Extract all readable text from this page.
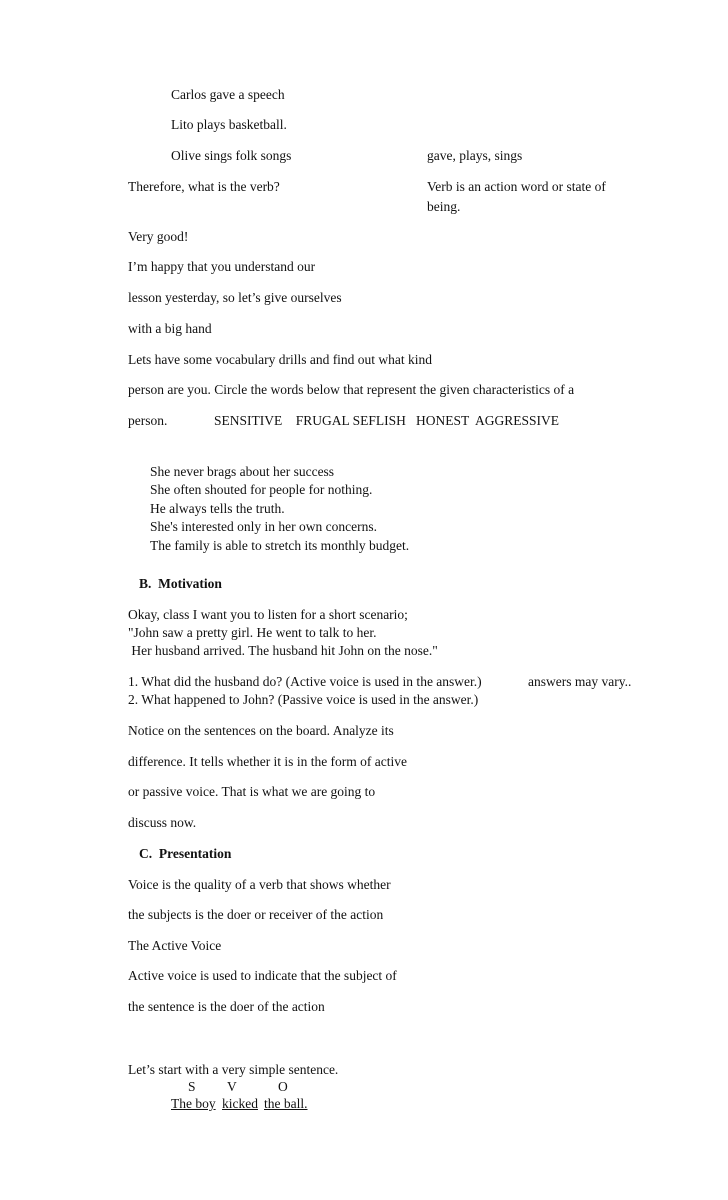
Carlos gave a speech
Lito plays basketball.
Olive sings folk songs	gave, plays, sings
Therefore, what is the verb?	Verb is an action word or state of
being.
Very good!
I’m happy that you understand our
lesson yesterday, so let’s give ourselves
with a big hand
Lets have some vocabulary drills and find out what kind
person are you. Circle the words below that represent the given characteristics of a
person.	SENSITIVE    FRUGAL SEFLISH   HONEST  AGGRESSIVE
She never brags about her success
She often shouted for people for nothing.
He always tells the truth.
She's interested only in her own concerns.
The family is able to stretch its monthly budget.
B.  Motivation
Okay, class I want you to listen for a short scenario;
"John saw a pretty girl. He went to talk to her.
Her husband arrived. The husband hit John on the nose."
1. What did the husband do? (Active voice is used in the answer.)	answers may vary..
2. What happened to John? (Passive voice is used in the answer.)
Notice on the sentences on the board. Analyze its
difference. It tells whether it is in the form of active
or passive voice. That is what we are going to
discuss now.
C.  Presentation
Voice is the quality of a verb that shows whether
the subjects is the doer or receiver of the action
The Active Voice
Active voice is used to indicate that the subject of
the sentence is the doer of the action
Let’s start with a very simple sentence.
S V	O
The boy kicked the ball.
